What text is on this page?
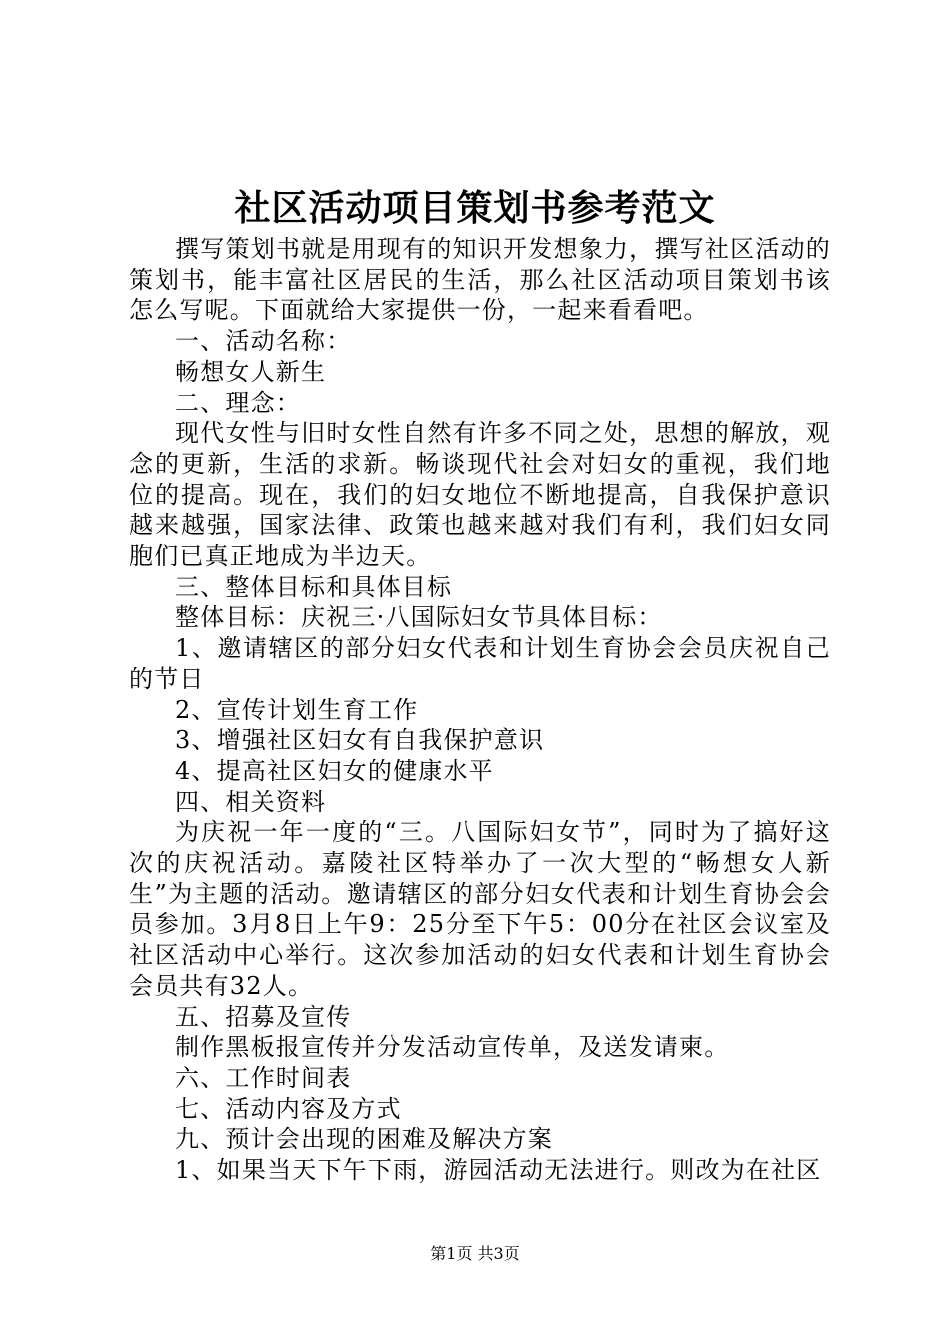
社区活动项目策划书参考范文

撰写策划书就是用现有的知识开发想象力，撰写社区活动的策划书，能丰富社区居民的生活，那么社区活动项目策划书该怎么写呢。下面就给大家提供一份，一起来看看吧。

一、活动名称：

畅想女人新生

二、理念：

现代女性与旧时女性自然有许多不同之处，思想的解放，观念的更新，生活的求新。畅谈现代社会对妇女的重视，我们地位的提高。现在，我们的妇女地位不断地提高，自我保护意识越来越强，国家法律、政策也越来越对我们有利，我们妇女同胞们已真正地成为半边天。

三、整体目标和具体目标

整体目标：庆祝三·八国际妇女节具体目标：

1、邀请辖区的部分妇女代表和计划生育协会会员庆祝自己的节日

2、宣传计划生育工作

3、增强社区妇女有自我保护意识

4、提高社区妇女的健康水平

四、相关资料

为庆祝一年一度的“三。八国际妇女节”，同时为了搞好这次的庆祝活动。嘉陵社区特举办了一次大型的“畅想女人新生”为主题的活动。邀请辖区的部分妇女代表和计划生育协会会员参加。3月8日上午9：25分至下午5：00分在社区会议室及社区活动中心举行。这次参加活动的妇女代表和计划生育协会会员共有32人。

五、招募及宣传

制作黑板报宣传并分发活动宣传单，及送发请柬。

六、工作时间表

七、活动内容及方式

九、预计会出现的困难及解决方案

1、如果当天下午下雨，游园活动无法进行。则改为在社区

第1页 共3页
